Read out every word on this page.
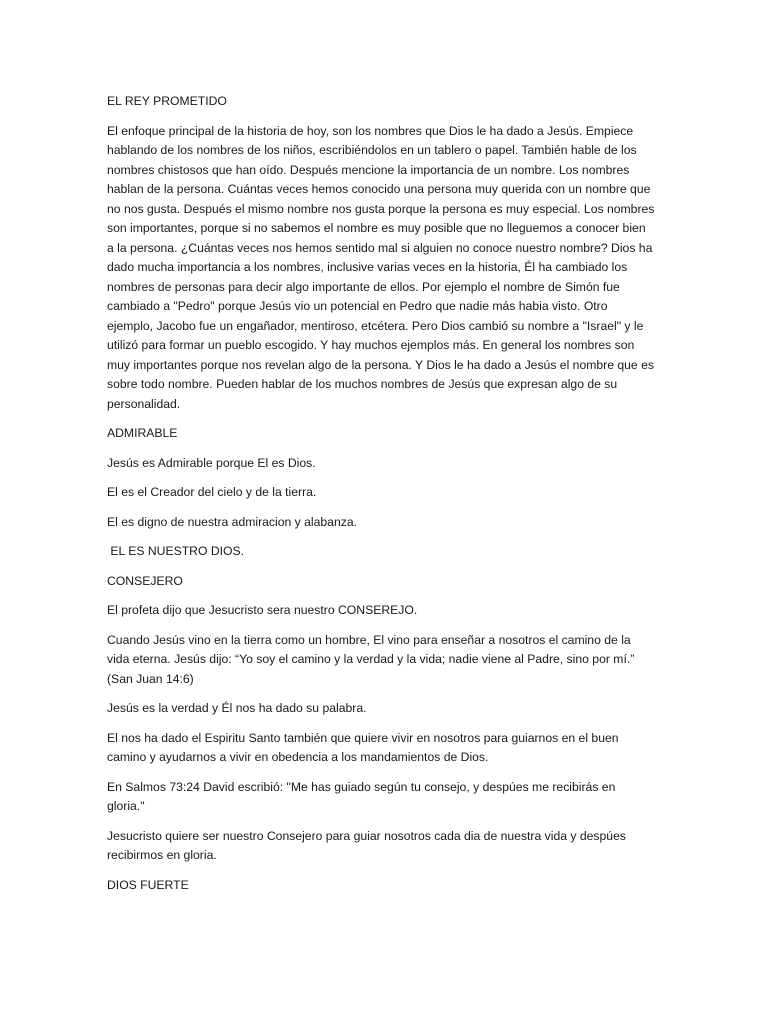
EL REY PROMETIDO

El enfoque principal de la historia de hoy, son los nombres que Dios le ha dado a Jesús. Empiece hablando de los nombres de los niños, escribiéndolos en un tablero o papel. También hable de los nombres chistosos que han oído. Después mencione la importancia de un nombre. Los nombres hablan de la persona. Cuántas veces hemos conocido una persona muy querida con un nombre que no nos gusta. Después el mismo nombre nos gusta porque la persona es muy especial. Los nombres son importantes, porque si no sabemos el nombre es muy posible que no lleguemos a conocer bien a la persona. ¿Cuántas veces nos hemos sentido mal si alguien no conoce nuestro nombre? Dios ha dado mucha importancia a los nombres, inclusive varias veces en la historia, Él ha cambiado los nombres de personas para decir algo importante de ellos. Por ejemplo el nombre de Simón fue cambiado a "Pedro" porque Jesús vio un potencial en Pedro que nadie más habia visto. Otro ejemplo, Jacobo fue un engañador, mentiroso, etcétera. Pero Dios cambió su nombre a "Israel" y le utilizó para formar un pueblo escogido. Y hay muchos ejemplos más. En general los nombres son muy importantes porque nos revelan algo de la persona. Y Dios le ha dado a Jesús el nombre que es sobre todo nombre. Pueden hablar de los muchos nombres de Jesús que expresan algo de su personalidad.

ADMIRABLE

Jesús es Admirable porque El es Dios.

El es el Creador del cielo y de la tierra.

El es digno de nuestra admiracion y alabanza.

EL ES NUESTRO DIOS.

CONSEJERO

El profeta dijo que Jesucristo sera nuestro CONSEREJO.

Cuando Jesús vino en la tierra como un hombre, El vino para enseñar a nosotros el camino de la vida eterna. Jesús dijo: “Yo soy el camino y la verdad y la vida; nadie viene al Padre, sino por mí.” (San Juan 14:6)

Jesús es la verdad y Él nos ha dado su palabra.

El nos ha dado el Espiritu Santo también que quiere vivir en nosotros para guiarnos en el buen camino y ayudarnos a vivir en obedencia a los mandamientos de Dios.

En Salmos 73:24 David escribió: "Me has guiado según tu consejo, y despúes me recibirás en gloria."

Jesucristo quiere ser nuestro Consejero para guiar nosotros cada dia de nuestra vida y despúes recibirmos en gloria.

DIOS FUERTE
